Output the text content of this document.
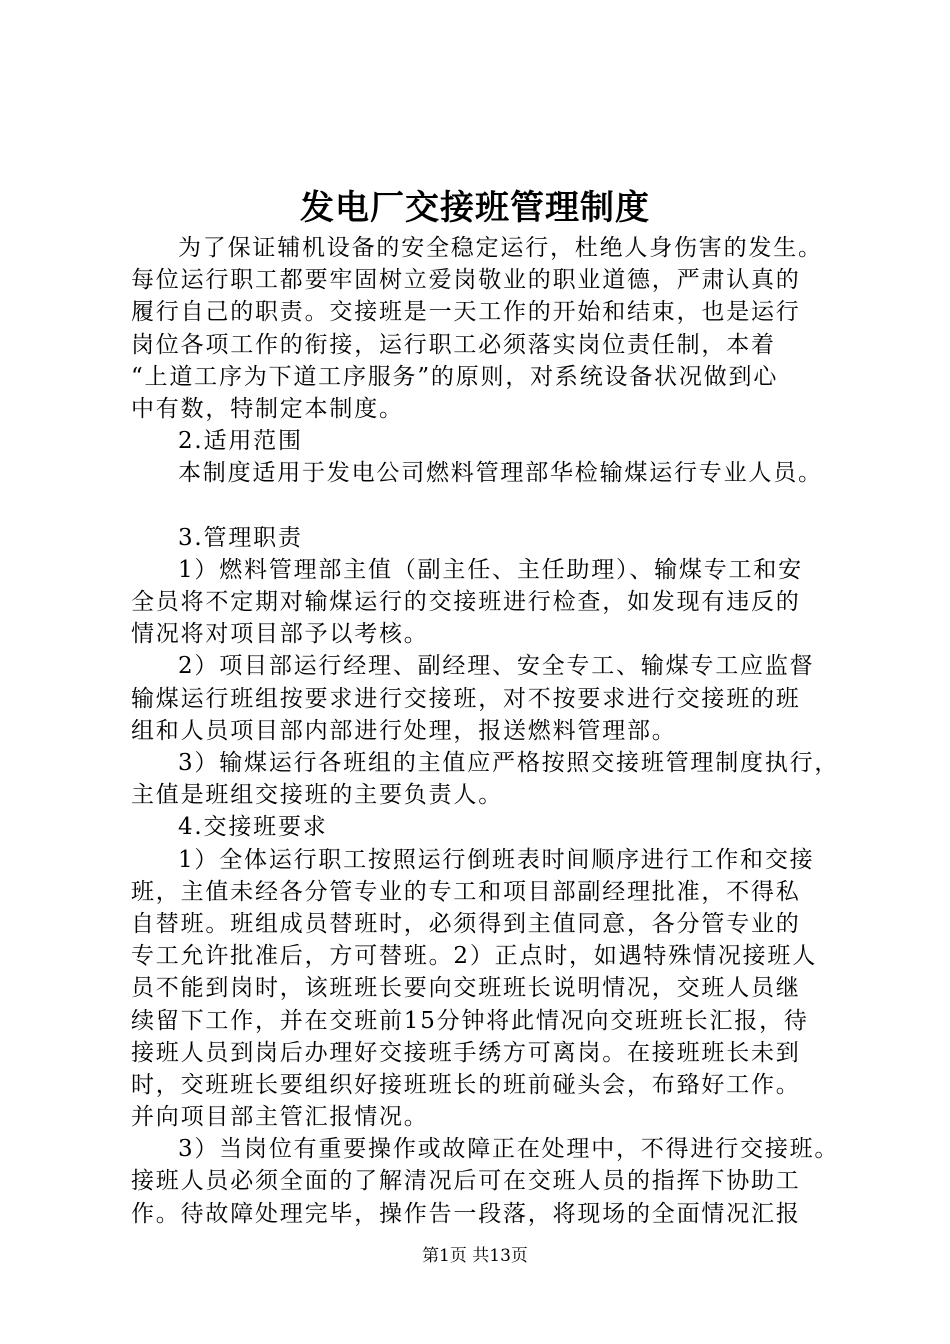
发电厂交接班管理制度
为了保证辅机设备的安全稳定运行，杜绝人身伤害的发生。
每位运行职工都要牢固树立爱岗敬业的职业道德，严肃认真的
履行自己的职责。交接班是一天工作的开始和结束，也是运行
岗位各项工作的衔接，运行职工必须落实岗位责任制，本着
“上道工序为下道工序服务”的原则，对系统设备状况做到心
中有数，特制定本制度。
2.适用范围
本制度适用于发电公司燃料管理部华检输煤运行专业人员。
3.管理职责
1）燃料管理部主值（副主任、主任助理）、输煤专工和安
全员将不定期对输煤运行的交接班进行检查，如发现有违反的
情况将对项目部予以考核。
2）项目部运行经理、副经理、安全专工、输煤专工应监督
输煤运行班组按要求进行交接班，对不按要求进行交接班的班
组和人员项目部内部进行处理，报送燃料管理部。
3）输煤运行各班组的主值应严格按照交接班管理制度执行，
主值是班组交接班的主要负责人。
4.交接班要求
1）全体运行职工按照运行倒班表时间顺序进行工作和交接
班，主值未经各分管专业的专工和项目部副经理批准，不得私
自替班。班组成员替班时，必须得到主值同意，各分管专业的
专工允许批准后，方可替班。2）正点时，如遇特殊情况接班人
员不能到岗时，该班班长要向交班班长说明情况，交班人员继
续留下工作，并在交班前15分钟将此情况向交班班长汇报，待
接班人员到岗后办理好交接班手绣方可离岗。在接班班长未到
时，交班班长要组织好接班班长的班前碰头会，布臵好工作。
并向项目部主管汇报情况。
3）当岗位有重要操作或故障正在处理中，不得进行交接班。
接班人员必须全面的了解清况后可在交班人员的指挥下协助工
作。待故障处理完毕，操作告一段落，将现场的全面情况汇报
第1页 共13页
